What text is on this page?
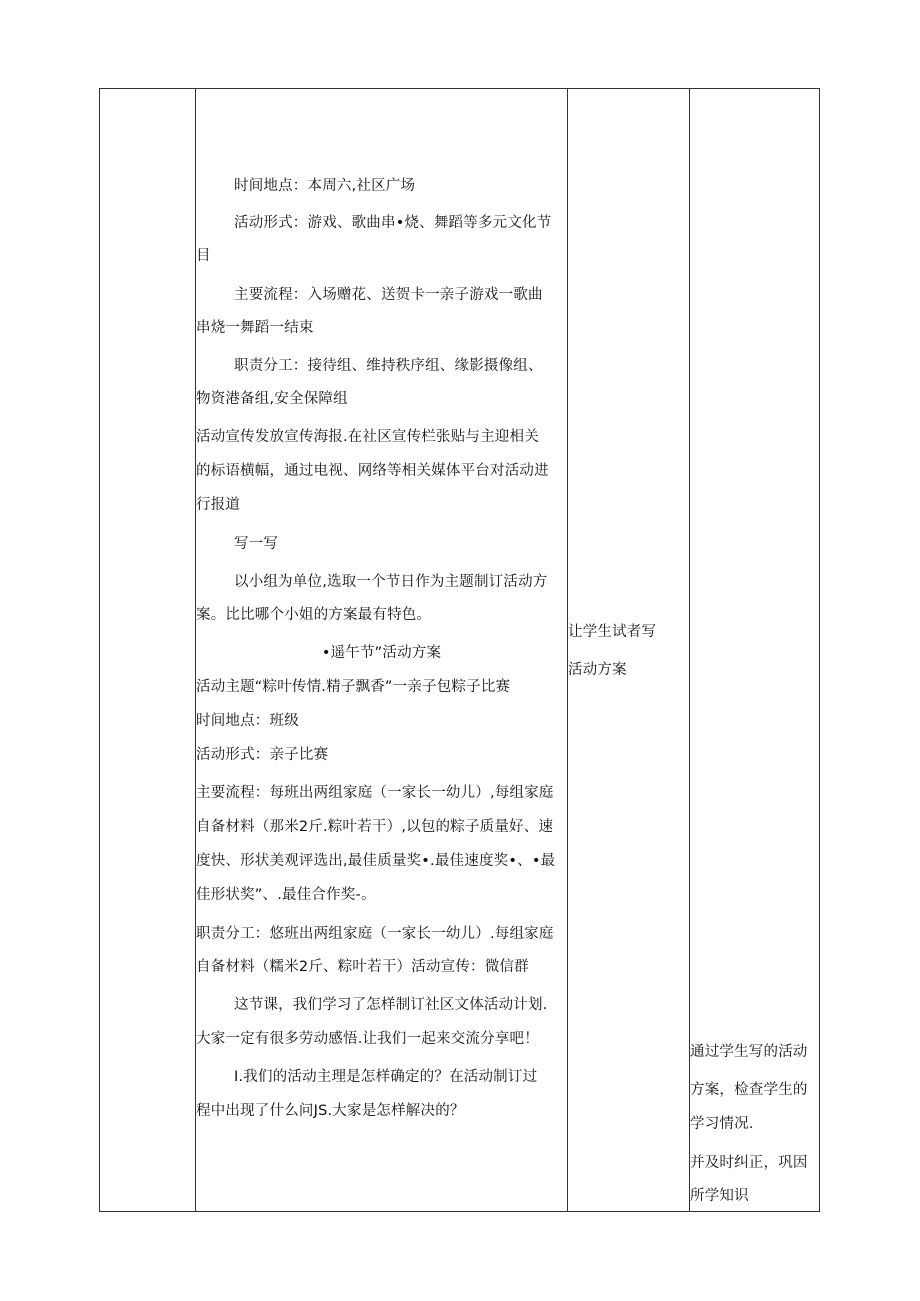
时间地点：本周六,社区广场
活动形式：游戏、歌曲串•烧、舞蹈等多元文化节
目
主要流程：入场赠花、送贺卡一亲子游戏一歌曲
串烧一舞蹈一结束
职责分工：接待组、维持秩序组、缘影摄像组、
物资港备组,安全保障组
活动宣传发放宣传海报.在社区宣传栏张贴与主迎相关
的标语横幅，通过电视、网络等相关媒体平台对活动进
行报道
写一写
以小组为单位,选取一个节日作为主题制订活动方
案。比比哪个小姐的方案最有特色。
•遥午节”活动方案
活动主题“粽叶传情.精子飘香”一亲子包粽子比赛
时间地点：班级
活动形式：亲子比赛
主要流程：每班出两组家庭（一家长一幼儿）,每组家庭
自备材料（那米2斤.粽叶若干）,以包的粽子质量好、速
度快、形状美观评选出,最佳质量奖•.最佳速度奖•、•最
佳形状奖”、.最佳合作奖-。
职责分工：悠班出两组家庭（一家长一幼儿）.每组家庭
自备材料（糯米2斤、粽叶若干）活动宣传：微信群
这节课，我们学习了怎样制订社区文体活动计划.
大家一定有很多劳动感悟.让我们一起来交流分享吧！
I.我们的活动主理是怎样确定的？在活动制订过
程中出现了什么问JS.大家是怎样解决的？

让学生试者写
活动方案

通过学生写的活动
方案，检查学生的
学习情况.
并及时纠正，巩因
所学知识
